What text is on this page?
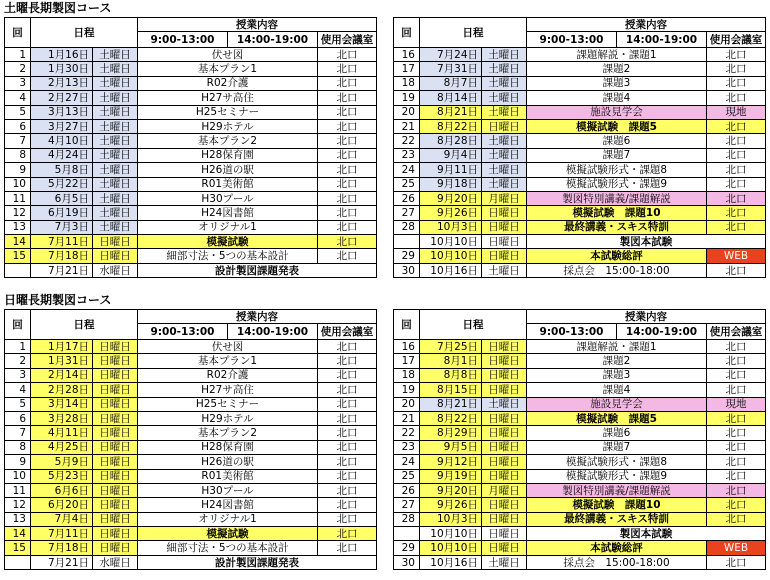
土曜長期製図コース
回	日程		授業内容		
			9:00-13:00	14:00-19:00	使用会議室
1	1月16日	土曜日	伏せ図		北口
2	1月30日	土曜日	基本プラン1		北口
3	2月13日	土曜日	R02介護		北口
4	2月27日	土曜日	H27サ高住		北口
5	3月13日	土曜日	H25セミナー		北口
6	3月27日	土曜日	H29ホテル		北口
7	4月10日	土曜日	基本プラン2		北口
8	4月24日	土曜日	H28保育園		北口
9	5月8日	土曜日	H26道の駅		北口
10	5月22日	土曜日	R01美術館		北口
11	6月5日	土曜日	H30プール		北口
12	6月19日	土曜日	H24図書館		北口
13	7月3日	土曜日	オリジナル1		北口
14	7月11日	日曜日	模擬試験		北口
15	7月18日	日曜日	細部寸法・5つの基本設計		北口
	7月21日	水曜日	設計製図課題発表		
回	日程		授業内容		
			9:00-13:00	14:00-19:00	使用会議室
16	7月24日	土曜日	課題解説・課題1		北口
17	7月31日	土曜日	課題2		北口
18	8月7日	土曜日	課題3		北口
19	8月14日	土曜日	課題4		北口
20	8月21日	土曜日	施設見学会		現地
21	8月22日	日曜日	模擬試験　課題5		北口
22	8月28日	土曜日	課題6		北口
23	9月4日	土曜日	課題7		北口
24	9月11日	土曜日	模擬試験形式・課題8		北口
25	9月18日	土曜日	模擬試験形式・課題9		北口
26	9月20日	月曜日	製図特別講義/課題解説		北口
27	9月26日	日曜日	模擬試験　課題10		北口
28	10月3日	日曜日	最終講義・スキス特訓		北口
	10月10日	日曜日	製図本試験		
29	10月10日	日曜日	本試験総評		WEB
30	10月16日	土曜日	採点会　15:00-18:00		北口
日曜長期製図コース
回	日程		授業内容		
			9:00-13:00	14:00-19:00	使用会議室
1	1月17日	日曜日	伏せ図		北口
2	1月31日	日曜日	基本プラン1		北口
3	2月14日	日曜日	R02介護		北口
4	2月28日	日曜日	H27サ高住		北口
5	3月14日	日曜日	H25セミナー		北口
6	3月28日	日曜日	H29ホテル		北口
7	4月11日	日曜日	基本プラン2		北口
8	4月25日	日曜日	H28保育園		北口
9	5月9日	日曜日	H26道の駅		北口
10	5月23日	日曜日	R01美術館		北口
11	6月6日	日曜日	H30プール		北口
12	6月20日	日曜日	H24図書館		北口
13	7月4日	日曜日	オリジナル1		北口
14	7月11日	日曜日	模擬試験		北口
15	7月18日	日曜日	細部寸法・5つの基本設計		北口
	7月21日	水曜日	設計製図課題発表		
回	日程		授業内容		
			9:00-13:00	14:00-19:00	使用会議室
16	7月25日	日曜日	課題解説・課題1		北口
17	8月1日	日曜日	課題2		北口
18	8月8日	日曜日	課題3		北口
19	8月15日	日曜日	課題4		北口
20	8月21日	土曜日	施設見学会		現地
21	8月22日	日曜日	模擬試験　課題5		北口
22	8月29日	日曜日	課題6		北口
23	9月5日	日曜日	課題7		北口
24	9月12日	日曜日	模擬試験形式・課題8		北口
25	9月19日	日曜日	模擬試験形式・課題9		北口
26	9月20日	月曜日	製図特別講義/課題解説		北口
27	9月26日	日曜日	模擬試験　課題10		北口
28	10月3日	日曜日	最終講義・スキス特訓		北口
	10月10日	日曜日	製図本試験		
29	10月10日	日曜日	本試験総評		WEB
30	10月16日	土曜日	採点会　15:00-18:00		北口
